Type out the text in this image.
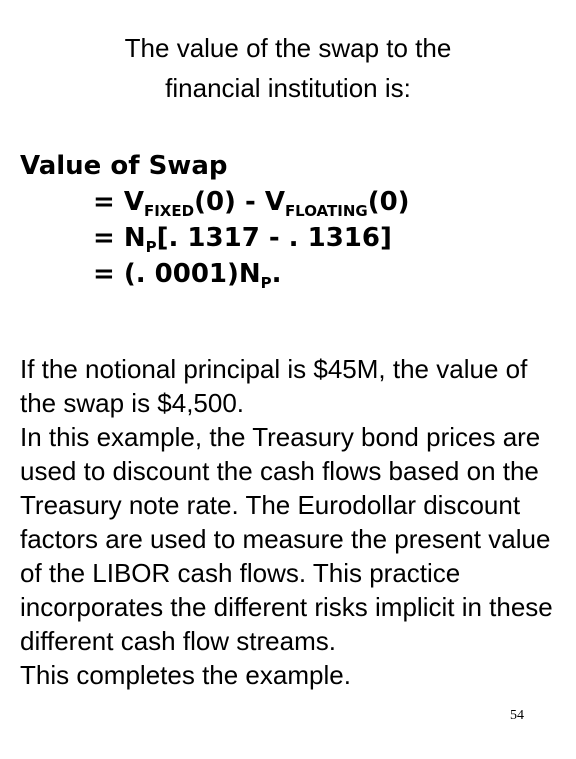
The value of the swap to the
financial institution is:
Value of Swap
= $V_{FIXED}(0) - V_{FLOATING}(0)$
= $N_P$[. 1317 - . 1316]
= (. $0001)N_P$.

If the notional principal is $45M, the value of the swap is $4,500.

In this example, the Treasury bond prices are used to discount the cash flows based on the Treasury note rate. The Eurodollar discount factors are used to measure the present value of the LIBOR cash flows. This practice incorporates the different risks implicit in these different cash flow streams.

This completes the example.

54
